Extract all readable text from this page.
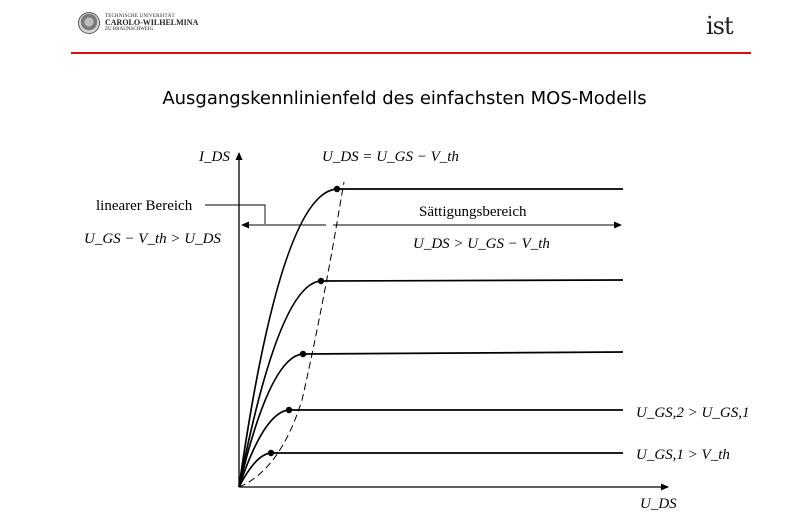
TECHNISCHE UNIVERSITÄT
CAROLO-WILHELMINA
ZU BRAUNSCHWEIG	ist
Ausgangskennlinienfeld des einfachsten MOS-Modells
I_DS
U_DS
U_DS = U_GS − V_th
linearer Bereich
U_GS − V_th > U_DS
Sättigungsbereich
U_DS > U_GS − V_th
U_GS,2 > U_GS,1
U_GS,1 > V_th
